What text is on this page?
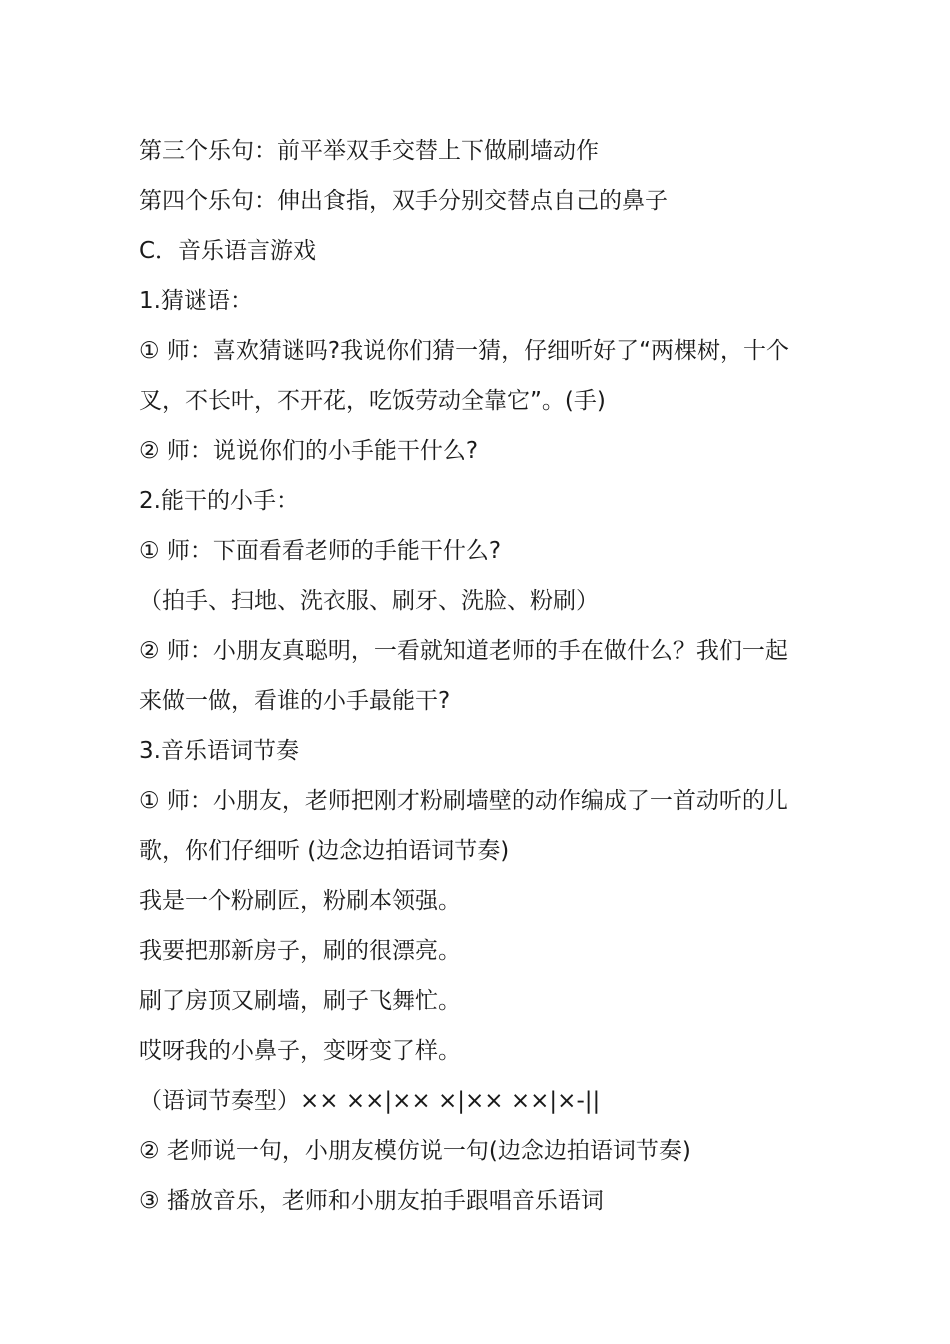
第三个乐句：前平举双手交替上下做刷墙动作
第四个乐句：伸出食指，双手分别交替点自己的鼻子
C．音乐语言游戏
1.猜谜语：
① 师：喜欢猜谜吗?我说你们猜一猜，仔细听好了“两棵树，十个
叉，不长叶，不开花，吃饭劳动全靠它”。(手)
② 师：说说你们的小手能干什么?
2.能干的小手：
① 师：下面看看老师的手能干什么?
（拍手、扫地、洗衣服、刷牙、洗脸、粉刷）
② 师：小朋友真聪明，一看就知道老师的手在做什么？我们一起
来做一做，看谁的小手最能干?
3.音乐语词节奏
① 师：小朋友，老师把刚才粉刷墙壁的动作编成了一首动听的儿
歌，你们仔细听 (边念边拍语词节奏)
我是一个粉刷匠，粉刷本领强。
我要把那新房子，刷的很漂亮。
刷了房顶又刷墙，刷子飞舞忙。
哎呀我的小鼻子，变呀变了样。
（语词节奏型）×× ××|×× ×|×× ××|×-||
② 老师说一句，小朋友模仿说一句(边念边拍语词节奏)
③ 播放音乐，老师和小朋友拍手跟唱音乐语词
